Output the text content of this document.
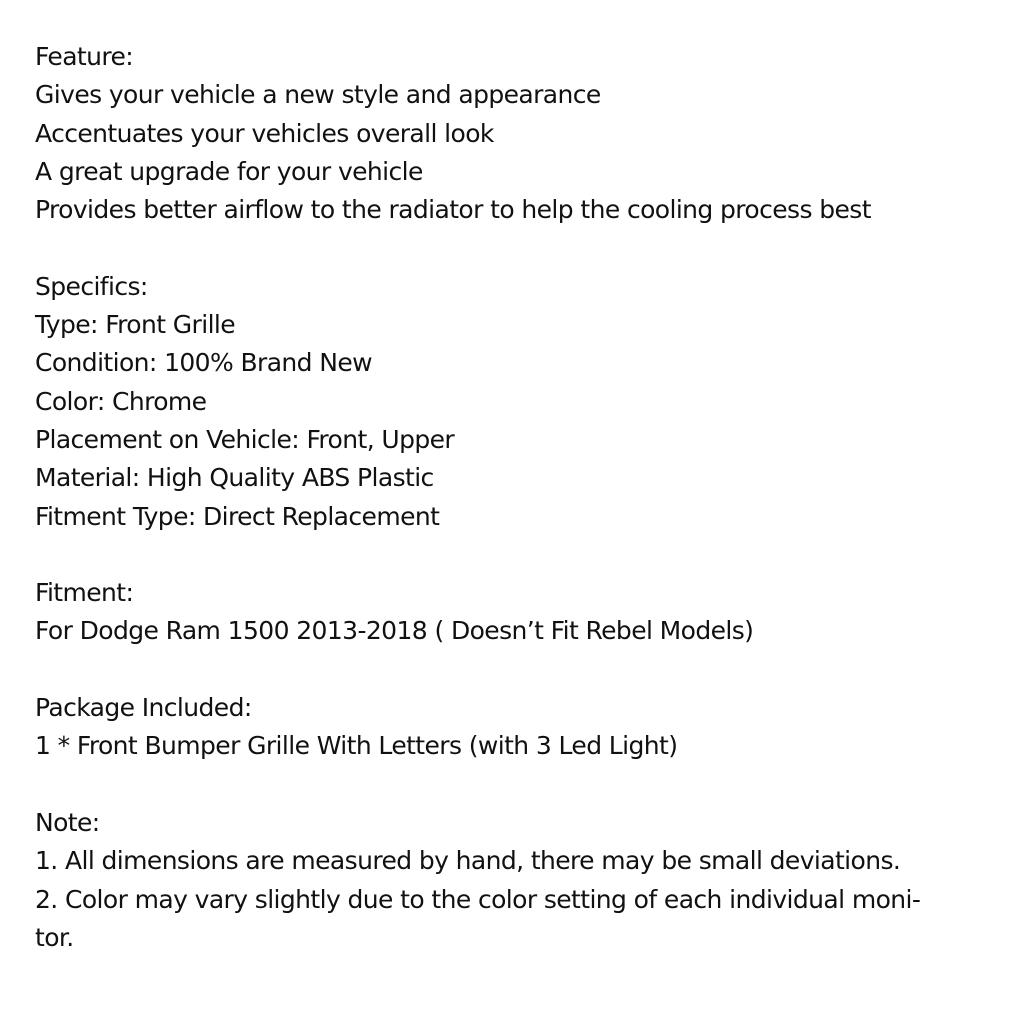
Feature:
Gives your vehicle a new style and appearance
Accentuates your vehicles overall look
A great upgrade for your vehicle
Provides better airflow to the radiator to help the cooling process best
Specifics:
Type: Front Grille
Condition: 100% Brand New
Color: Chrome
Placement on Vehicle: Front, Upper
Material: High Quality ABS Plastic
Fitment Type: Direct Replacement
Fitment:
For Dodge Ram 1500 2013-2018 ( Doesn’t Fit Rebel Models)
Package Included:
1 * Front Bumper Grille With Letters (with 3 Led Light)
Note:
1. All dimensions are measured by hand, there may be small deviations.
2. Color may vary slightly due to the color setting of each individual moni-
tor.
